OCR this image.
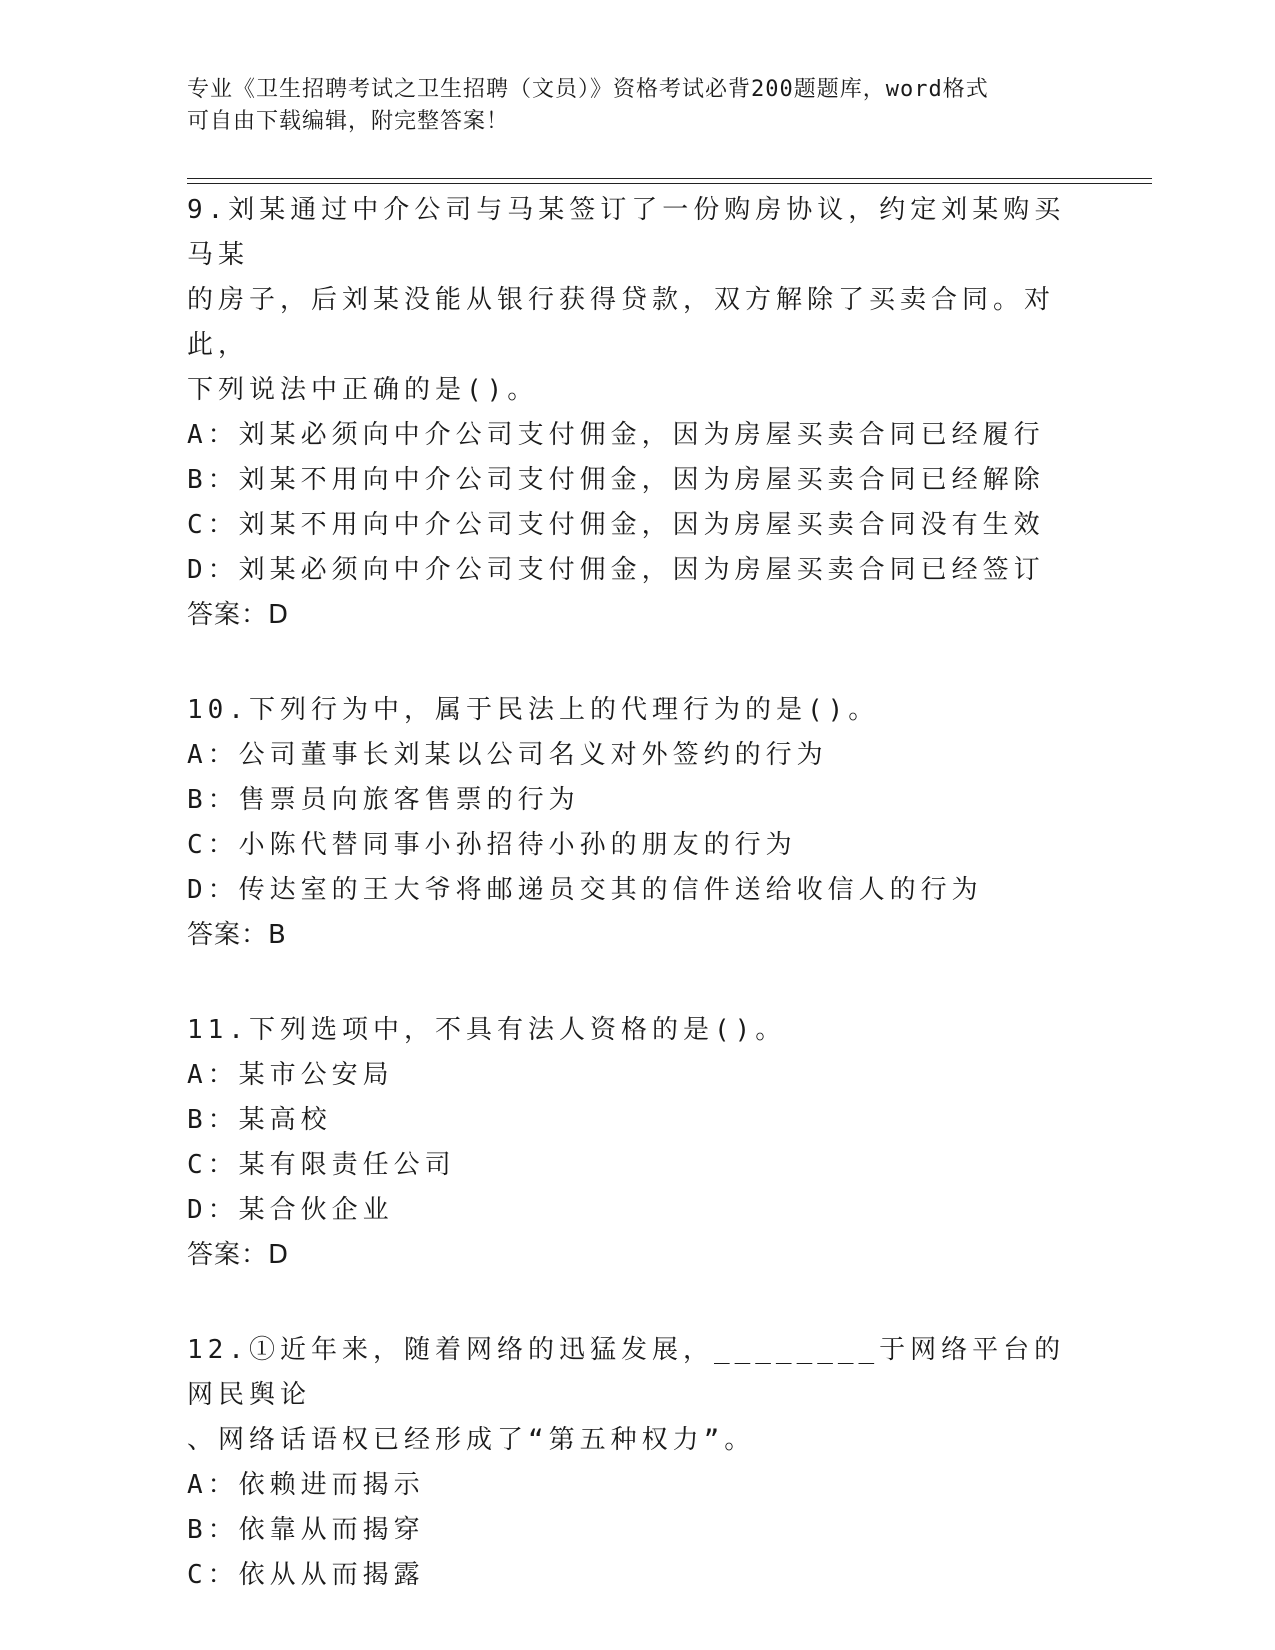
专业《卫生招聘考试之卫生招聘（文员）》资格考试必背200题题库，word格式
可自由下载编辑，附完整答案！
9.刘某通过中介公司与马某签订了一份购房协议，约定刘某购买马某
的房子，后刘某没能从银行获得贷款，双方解除了买卖合同。对此，
下列说法中正确的是()。
A：刘某必须向中介公司支付佣金，因为房屋买卖合同已经履行
B：刘某不用向中介公司支付佣金，因为房屋买卖合同已经解除
C：刘某不用向中介公司支付佣金，因为房屋买卖合同没有生效
D：刘某必须向中介公司支付佣金，因为房屋买卖合同已经签订
答案：D
10.下列行为中，属于民法上的代理行为的是()。
A：公司董事长刘某以公司名义对外签约的行为
B：售票员向旅客售票的行为
C：小陈代替同事小孙招待小孙的朋友的行为
D：传达室的王大爷将邮递员交其的信件送给收信人的行为
答案：B
11.下列选项中，不具有法人资格的是()。
A：某市公安局
B：某高校
C：某有限责任公司
D：某合伙企业
答案：D
12.①近年来，随着网络的迅猛发展，________于网络平台的网民舆论
、网络话语权已经形成了“第五种权力”。
A：依赖进而揭示
B：依靠从而揭穿
C：依从从而揭露
